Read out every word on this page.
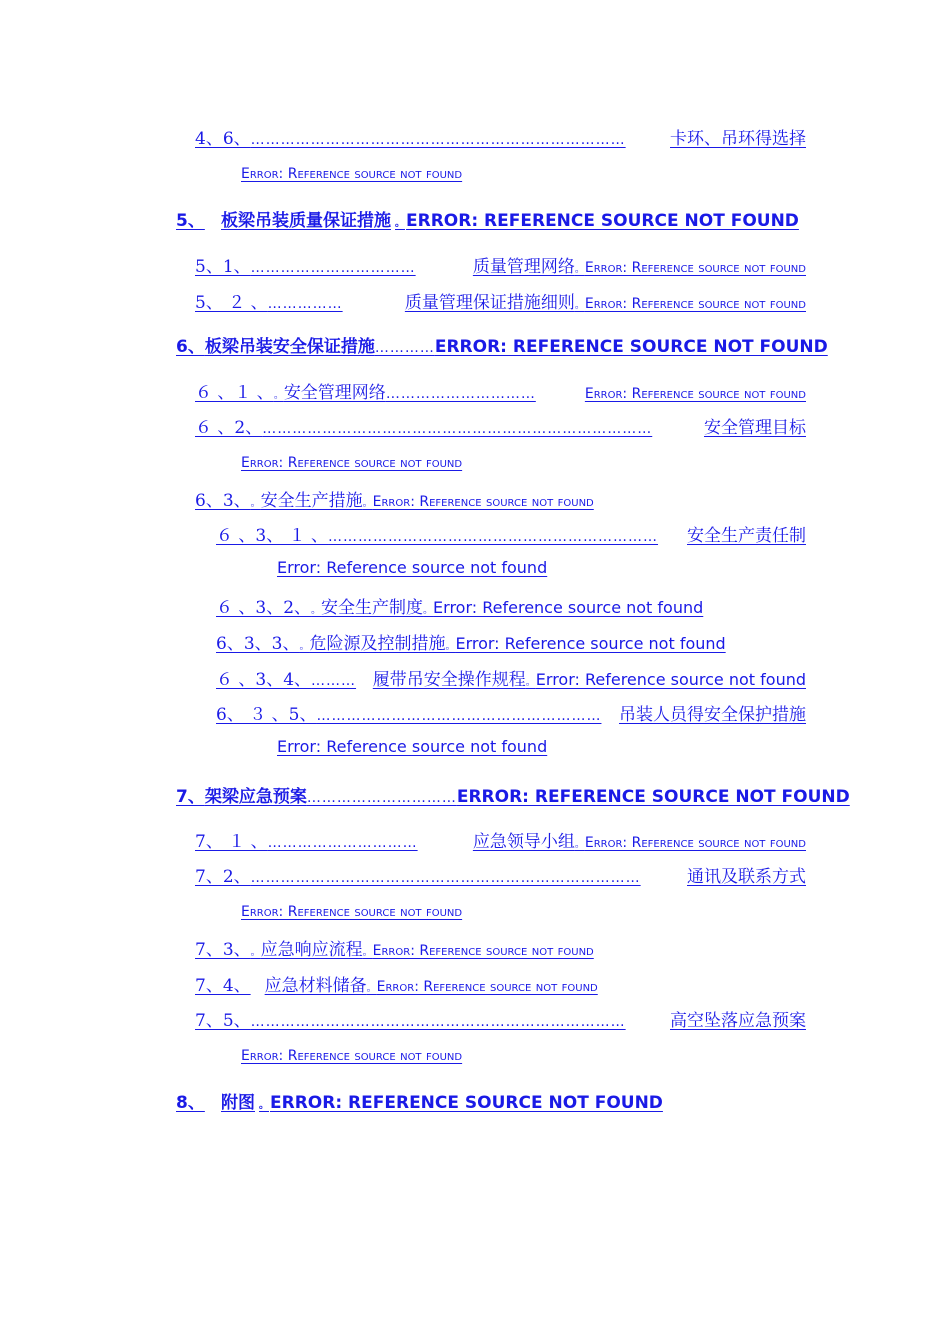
4、6、 …………………………………………………………………	卡环、吊环得选择
Error: Reference source not found
5、 板梁吊装质量保证措施 。 ERROR: REFERENCE SOURCE NOT FOUND
5、1、 ……………………………	质量管理网络 。 Error: Reference source not found
5、 ２ 、 ……………	质量管理保证措施细则 。 Error: Reference source not found
6、 板梁吊装安全保证措施 ………… ERROR: REFERENCE SOURCE NOT FOUND
６ 、１ 、 。 安全管理网络 …………………………	Error: Reference source not found
６ 、2、 ……………………………………………………………………	安全管理目标
Error: Reference source not found
6、3、 。 安全生产措施 。 Error: Reference source not found
６ 、3、 １ 、 …………………………………………………………	安全生产责任制
Error: Reference source not found
６ 、3、2、 。 安全生产制度 。 Error: Reference source not found
6、3、3、 。 危险源及控制措施 。 Error: Reference source not found
６ 、3、4、 ……… 履带吊安全操作规程 。 Error: Reference source not found
6、 ３ 、5、 …………………………………………………	吊装人员得安全保护措施
Error: Reference source not found
7、 架梁应急预案 ………………………… ERROR: REFERENCE SOURCE NOT FOUND
7、 １ 、 …………………………	应急领导小组 。 Error: Reference source not found
7、2、 ……………………………………………………………………	通讯及联系方式
Error: Reference source not found
7、3、 。 应急响应流程 。 Error: Reference source not found
7、4、 应急材料储备 。 Error: Reference source not found
7、5、 …………………………………………………………………	高空坠落应急预案
Error: Reference source not found
8、 附图 。 ERROR: REFERENCE SOURCE NOT FOUND
